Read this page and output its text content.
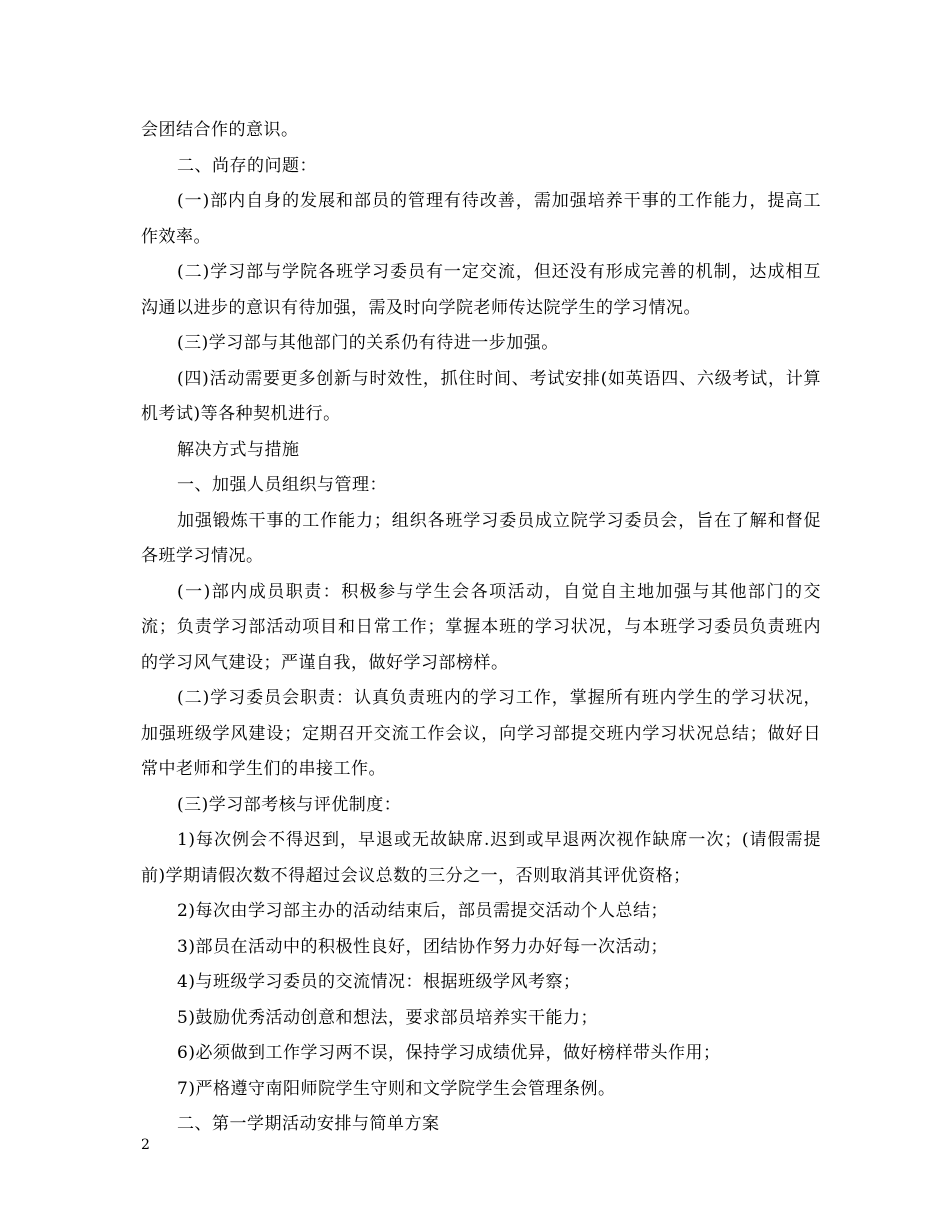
会团结合作的意识。

二、尚存的问题：

(一)部内自身的发展和部员的管理有待改善，需加强培养干事的工作能力，提高工作效率。

(二)学习部与学院各班学习委员有一定交流，但还没有形成完善的机制，达成相互沟通以进步的意识有待加强，需及时向学院老师传达院学生的学习情况。

(三)学习部与其他部门的关系仍有待进一步加强。

(四)活动需要更多创新与时效性，抓住时间、考试安排(如英语四、六级考试，计算机考试)等各种契机进行。

解决方式与措施

一、加强人员组织与管理：

加强锻炼干事的工作能力；组织各班学习委员成立院学习委员会，旨在了解和督促各班学习情况。

(一)部内成员职责：积极参与学生会各项活动，自觉自主地加强与其他部门的交流；负责学习部活动项目和日常工作；掌握本班的学习状况，与本班学习委员负责班内的学习风气建设；严谨自我，做好学习部榜样。

(二)学习委员会职责：认真负责班内的学习工作，掌握所有班内学生的学习状况，加强班级学风建设；定期召开交流工作会议，向学习部提交班内学习状况总结；做好日常中老师和学生们的串接工作。

(三)学习部考核与评优制度：

1)每次例会不得迟到，早退或无故缺席.迟到或早退两次视作缺席一次；(请假需提前)学期请假次数不得超过会议总数的三分之一，否则取消其评优资格；

2)每次由学习部主办的活动结束后，部员需提交活动个人总结；

3)部员在活动中的积极性良好，团结协作努力办好每一次活动；

4)与班级学习委员的交流情况：根据班级学风考察；

5)鼓励优秀活动创意和想法，要求部员培养实干能力；

6)必须做到工作学习两不误，保持学习成绩优异，做好榜样带头作用；

7)严格遵守南阳师院学生守则和文学院学生会管理条例。

二、第一学期活动安排与简单方案

2
